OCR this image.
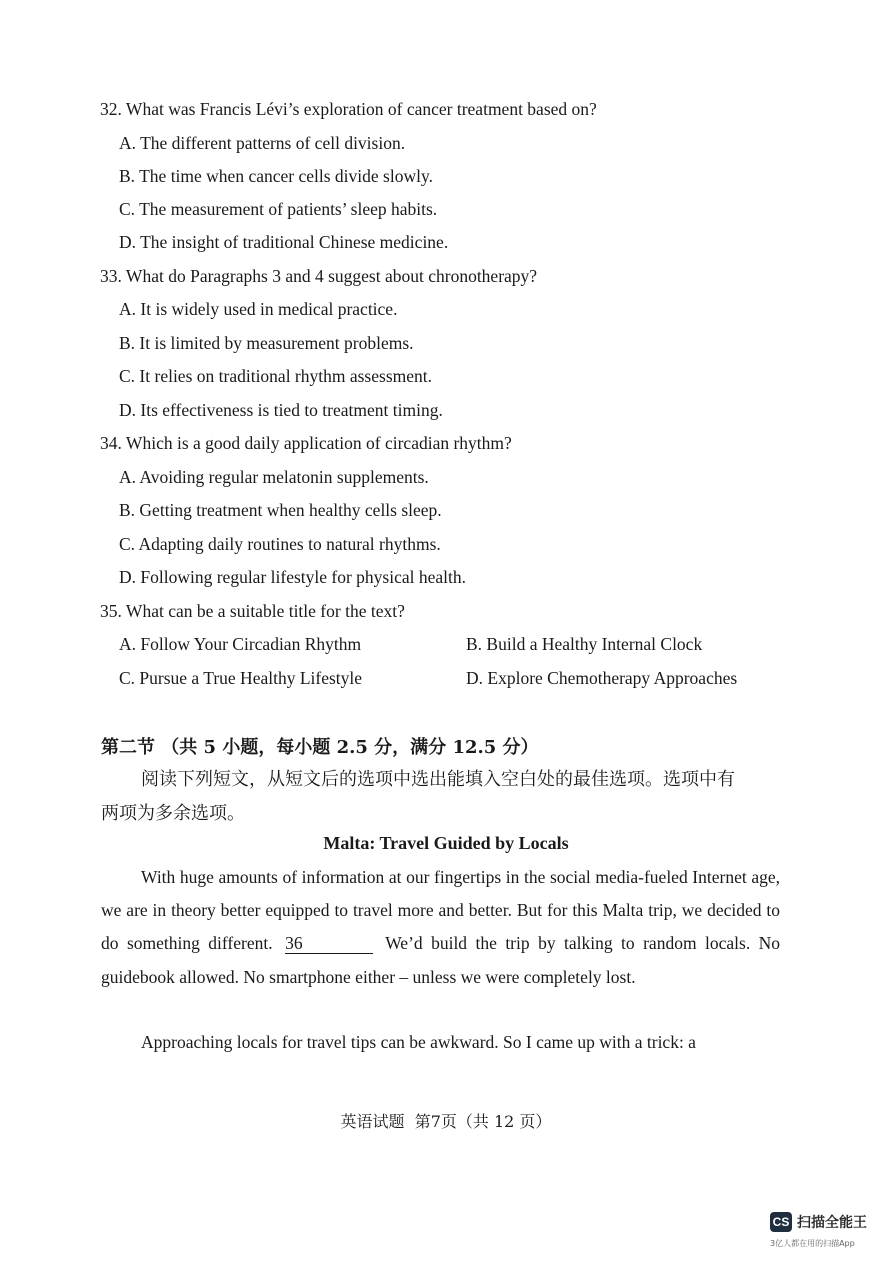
32. What was Francis Lévi’s exploration of cancer treatment based on?
A. The different patterns of cell division.
B. The time when cancer cells divide slowly.
C. The measurement of patients’ sleep habits.
D. The insight of traditional Chinese medicine.
33. What do Paragraphs 3 and 4 suggest about chronotherapy?
A. It is widely used in medical practice.
B. It is limited by measurement problems.
C. It relies on traditional rhythm assessment.
D. Its effectiveness is tied to treatment timing.
34. Which is a good daily application of circadian rhythm?
A. Avoiding regular melatonin supplements.
B. Getting treatment when healthy cells sleep.
C. Adapting daily routines to natural rhythms.
D. Following regular lifestyle for physical health.
35. What can be a suitable title for the text?
A. Follow Your Circadian Rhythm	B. Build a Healthy Internal Clock
C. Pursue a True Healthy Lifestyle	D. Explore Chemotherapy Approaches
第二节 （共 5 小题，每小题 2.5 分，满分 12.5 分）
阅读下列短文，从短文后的选项中选出能填入空白处的最佳选项。选项中有
两项为多余选项。
Malta: Travel Guided by Locals
With huge amounts of information at our fingertips in the social media-fueled Internet age, we are in theory better equipped to travel more and better. But for this Malta trip, we decided to do something different. 36	We’d build the trip by talking to random locals. No guidebook allowed. No smartphone either – unless we were completely lost.
Approaching locals for travel tips can be awkward. So I came up with a trick: a
英语试题  第7页（共 12 页）
CS 扫描全能王
3亿人都在用的扫描App
